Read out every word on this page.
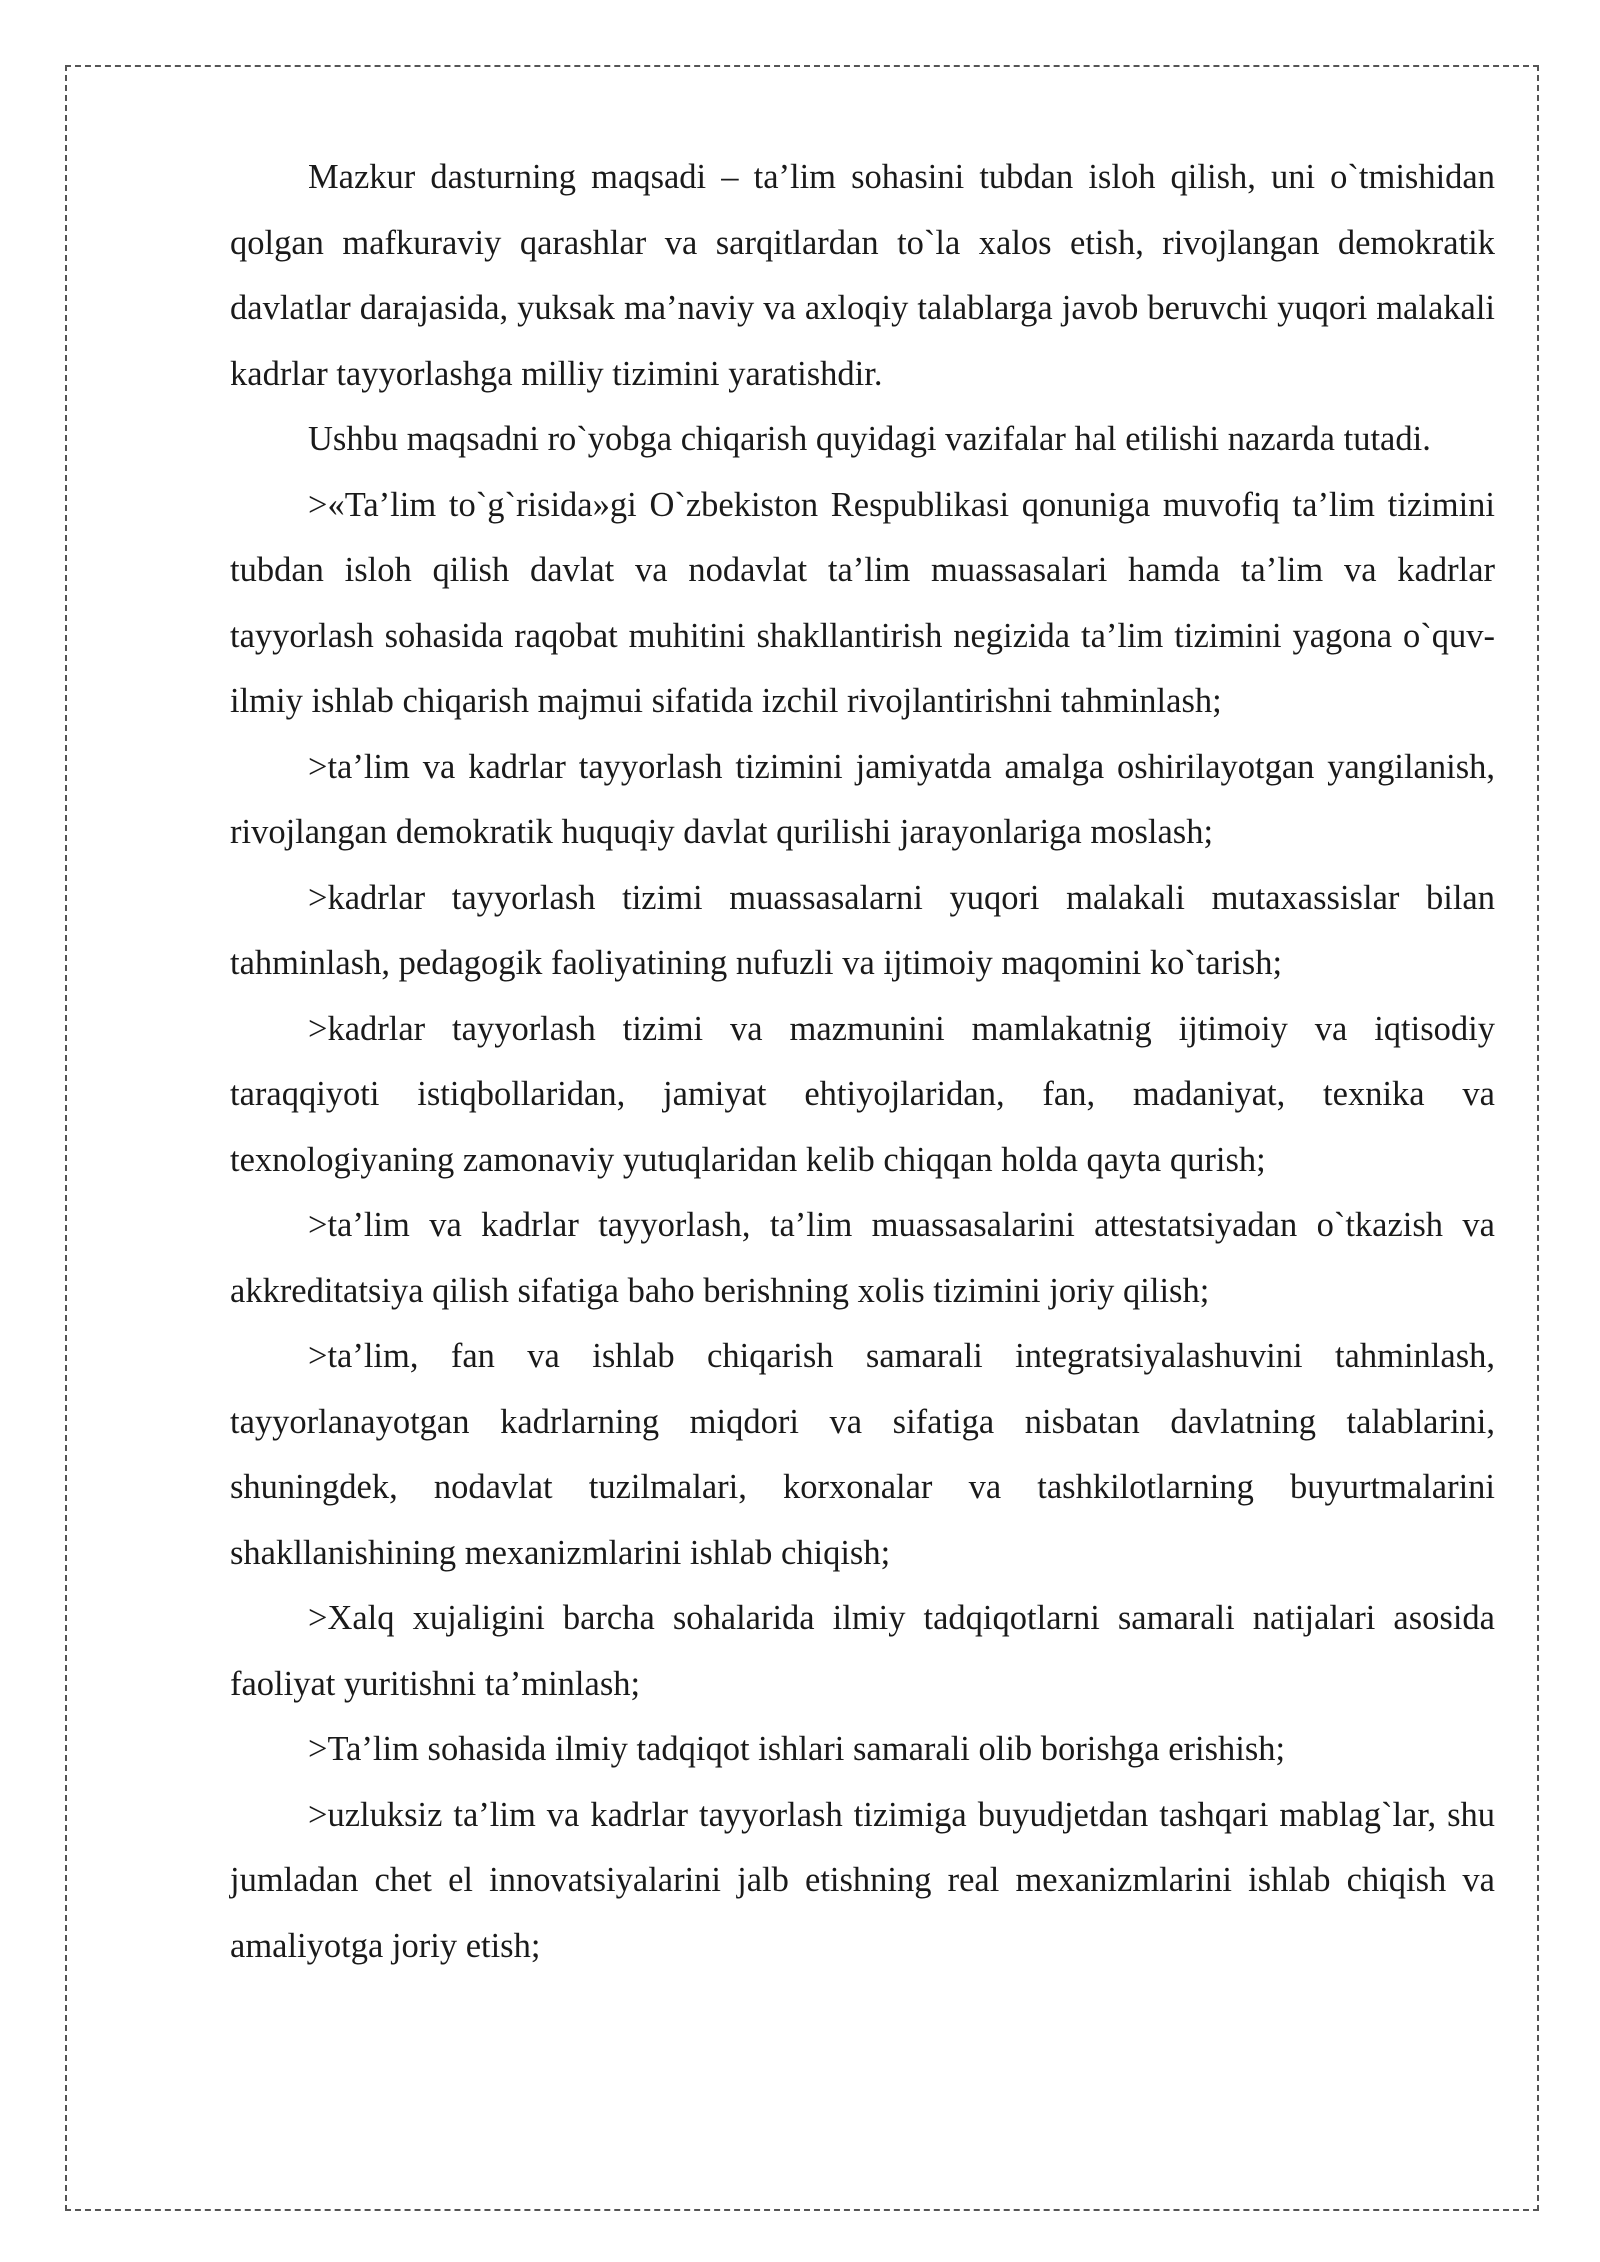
Mazkur dasturning maqsadi – ta’lim sohasini tubdan isloh qilish, uni o`tmishidan qolgan mafkuraviy qarashlar va sarqitlardan to`la xalos etish, rivojlangan demokratik davlatlar darajasida, yuksak ma’naviy va axloqiy talablarga javob beruvchi yuqori malakali kadrlar tayyorlashga milliy tizimini yaratishdir.

Ushbu maqsadni ro`yobga chiqarish quyidagi vazifalar hal etilishi nazarda tutadi.

>«Ta’lim to`g`risida»gi O`zbekiston Respublikasi qonuniga muvofiq ta’lim tizimini tubdan isloh qilish davlat va nodavlat ta’lim muassasalari hamda ta’lim va kadrlar tayyorlash sohasida raqobat muhitini shakllantirish negizida ta’lim tizimini yagona o`quv-ilmiy ishlab chiqarish majmui sifatida izchil rivojlantirishni tahminlash;

>ta’lim va kadrlar tayyorlash tizimini jamiyatda amalga oshirilayotgan yangilanish, rivojlangan demokratik huquqiy davlat qurilishi jarayonlariga moslash;

>kadrlar tayyorlash tizimi muassasalarni yuqori malakali mutaxassislar bilan tahminlash, pedagogik faoliyatining nufuzli va ijtimoiy maqomini ko`tarish;

>kadrlar tayyorlash tizimi va mazmunini mamlakatnig ijtimoiy va iqtisodiy taraqqiyoti istiqbollaridan, jamiyat ehtiyojlaridan, fan, madaniyat, texnika va texnologiyaning zamonaviy yutuqlaridan kelib chiqqan holda qayta qurish;

>ta’lim va kadrlar tayyorlash, ta’lim muassasalarini attestatsiyadan o`tkazish va akkreditatsiya qilish sifatiga baho berishning xolis tizimini joriy qilish;

>ta’lim, fan va ishlab chiqarish samarali integratsiyalashuvini tahminlash, tayyorlanayotgan kadrlarning miqdori va sifatiga nisbatan davlatning talablarini, shuningdek, nodavlat tuzilmalari, korxonalar va tashkilotlarning buyurtmalarini shakllanishining mexanizmlarini ishlab chiqish;

>Xalq xujaligini barcha sohalarida ilmiy tadqiqotlarni samarali natijalari asosida faoliyat yuritishni ta’minlash;

>Ta’lim sohasida ilmiy tadqiqot ishlari samarali olib borishga erishish;

>uzluksiz ta’lim va kadrlar tayyorlash tizimiga buyudjetdan tashqari mablag`lar, shu jumladan chet el innovatsiyalarini jalb etishning real mexanizmlarini ishlab chiqish va amaliyotga joriy etish;
